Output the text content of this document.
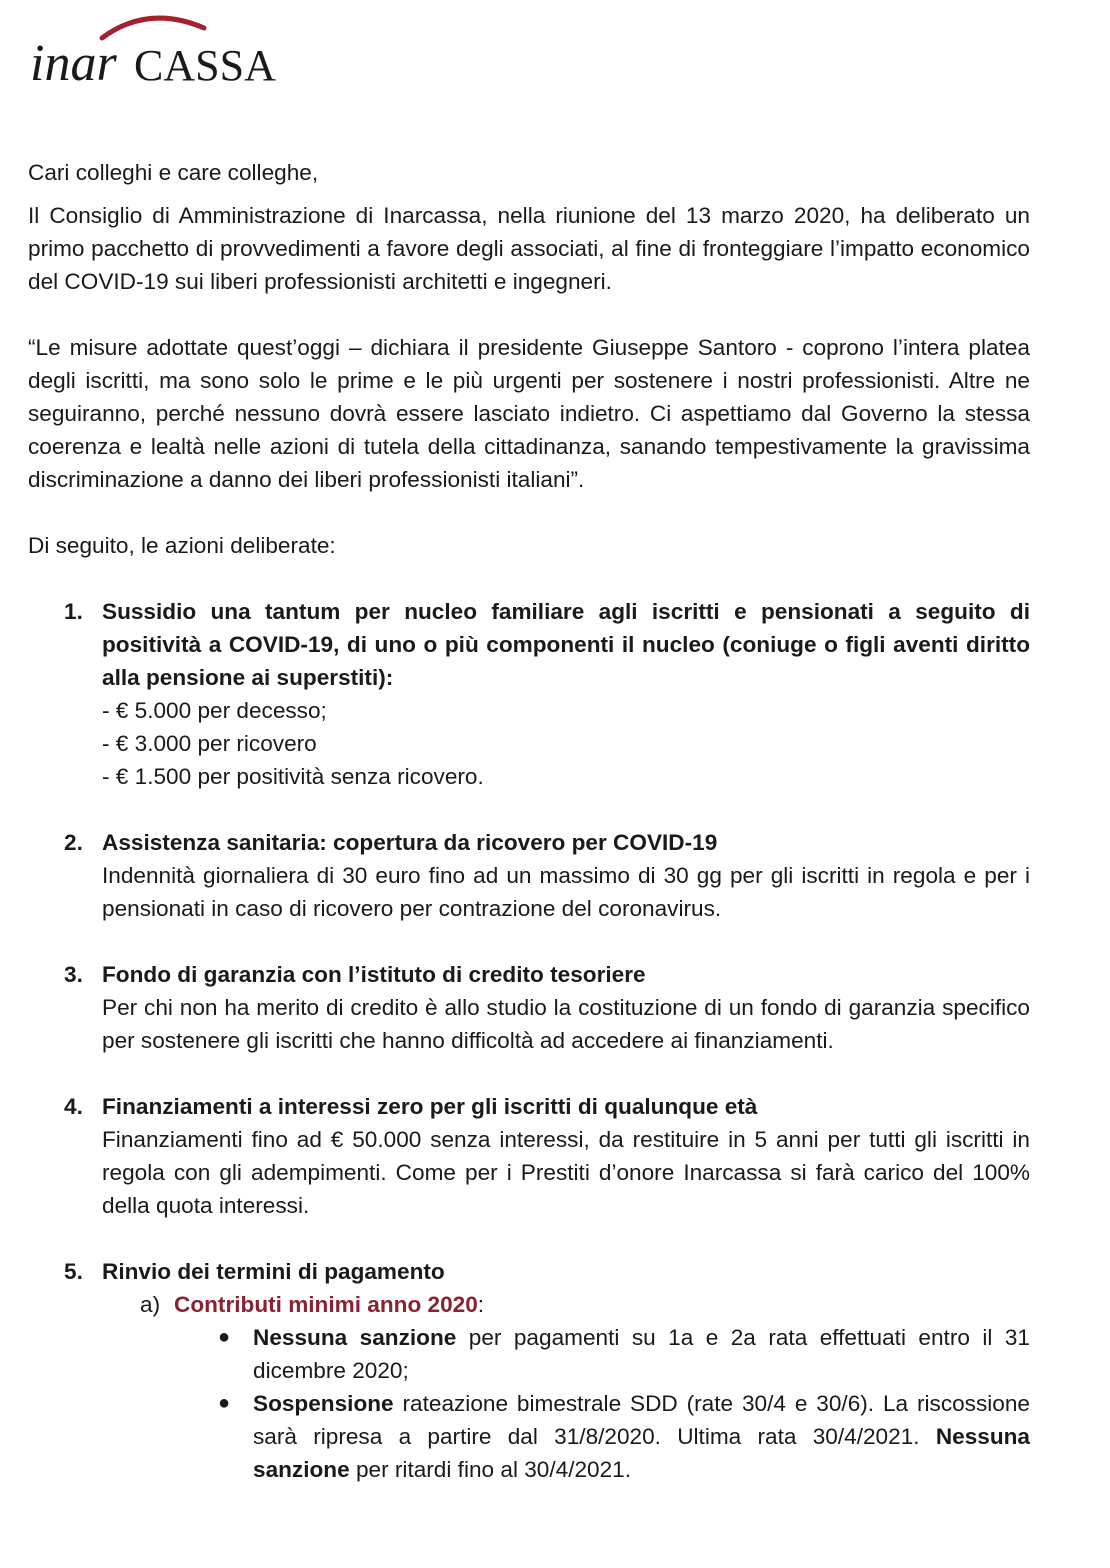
inar CASSA

Cari colleghi e care colleghe,

Il Consiglio di Amministrazione di Inarcassa, nella riunione del 13 marzo 2020, ha deliberato un primo pacchetto di provvedimenti a favore degli associati, al fine di fronteggiare l’impatto economico del COVID-19 sui liberi professionisti architetti e ingegneri.

“Le misure adottate quest’oggi – dichiara il presidente Giuseppe Santoro - coprono l’intera platea degli iscritti, ma sono solo le prime e le più urgenti per sostenere i nostri professionisti. Altre ne seguiranno, perché nessuno dovrà essere lasciato indietro. Ci aspettiamo dal Governo la stessa coerenza e lealtà nelle azioni di tutela della cittadinanza, sanando tempestivamente la gravissima discriminazione a danno dei liberi professionisti italiani”.

Di seguito, le azioni deliberate:

1. Sussidio una tantum per nucleo familiare agli iscritti e pensionati a seguito di positività a COVID-19, di uno o più componenti il nucleo (coniuge o figli aventi diritto alla pensione ai superstiti):

- € 5.000 per decesso;

- € 3.000 per ricovero

- € 1.500 per positività senza ricovero.

2. Assistenza sanitaria: copertura da ricovero per COVID-19

Indennità giornaliera di 30 euro fino ad un massimo di 30 gg per gli iscritti in regola e per i pensionati in caso di ricovero per contrazione del coronavirus.

3. Fondo di garanzia con l’istituto di credito tesoriere

Per chi non ha merito di credito è allo studio la costituzione di un fondo di garanzia specifico per sostenere gli iscritti che hanno difficoltà ad accedere ai finanziamenti.

4. Finanziamenti a interessi zero per gli iscritti di qualunque età

Finanziamenti fino ad € 50.000 senza interessi, da restituire in 5 anni per tutti gli iscritti in regola con gli adempimenti. Come per i Prestiti d’onore Inarcassa si farà carico del 100% della quota interessi.

5. Rinvio dei termini di pagamento

a) Contributi minimi anno 2020:
● Nessuna sanzione per pagamenti su 1a e 2a rata effettuati entro il 31 dicembre 2020;
● Sospensione rateazione bimestrale SDD (rate 30/4 e 30/6). La riscossione sarà ripresa a partire dal 31/8/2020. Ultima rata 30/4/2021. Nessuna sanzione per ritardi fino al 30/4/2021.
